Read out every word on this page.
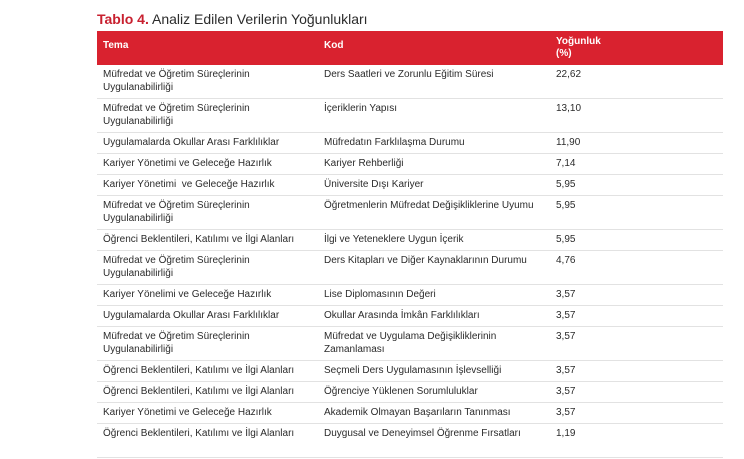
Tablo 4. Analiz Edilen Verilerin Yoğunlukları
Tema	Kod	Yoğunluk
(%)

Müfredat ve Öğretim Süreçlerinin Uygulanabilirliği	Ders Saatleri ve Zorunlu Eğitim Süresi	22,62
Müfredat ve Öğretim Süreçlerinin Uygulanabilirliği	İçeriklerin Yapısı	13,10
Uygulamalarda Okullar Arası Farklılıklar	Müfredatın Farklılaşma Durumu	11,90
Kariyer Yönetimi ve Geleceğe Hazırlık	Kariyer Rehberliği	7,14
Kariyer Yönetimi  ve Geleceğe Hazırlık	Üniversite Dışı Kariyer	5,95
Müfredat ve Öğretim Süreçlerinin Uygulanabilirliği	Öğretmenlerin Müfredat Değişikliklerine Uyumu	5,95
Öğrenci Beklentileri, Katılımı ve İlgi Alanları	İlgi ve Yeteneklere Uygun İçerik	5,95
Müfredat ve Öğretim Süreçlerinin Uygulanabilirliği	Ders Kitapları ve Diğer Kaynaklarının Durumu	4,76
Kariyer Yönelimi ve Geleceğe Hazırlık	Lise Diplomasının Değeri	3,57
Uygulamalarda Okullar Arası Farklılıklar	Okullar Arasında İmkân Farklılıkları	3,57
Müfredat ve Öğretim Süreçlerinin Uygulanabilirliği	Müfredat ve Uygulama Değişikliklerinin Zamanlaması	3,57
Öğrenci Beklentileri, Katılımı ve İlgi Alanları	Seçmeli Ders Uygulamasının İşlevselliği	3,57
Öğrenci Beklentileri, Katılımı ve İlgi Alanları	Öğrenciye Yüklenen Sorumluluklar	3,57
Kariyer Yönetimi ve Geleceğe Hazırlık	Akademik Olmayan Başarıların Tanınması	3,57
Öğrenci Beklentileri, Katılımı ve İlgi Alanları	Duygusal ve Deneyimsel Öğrenme Fırsatları	1,19
